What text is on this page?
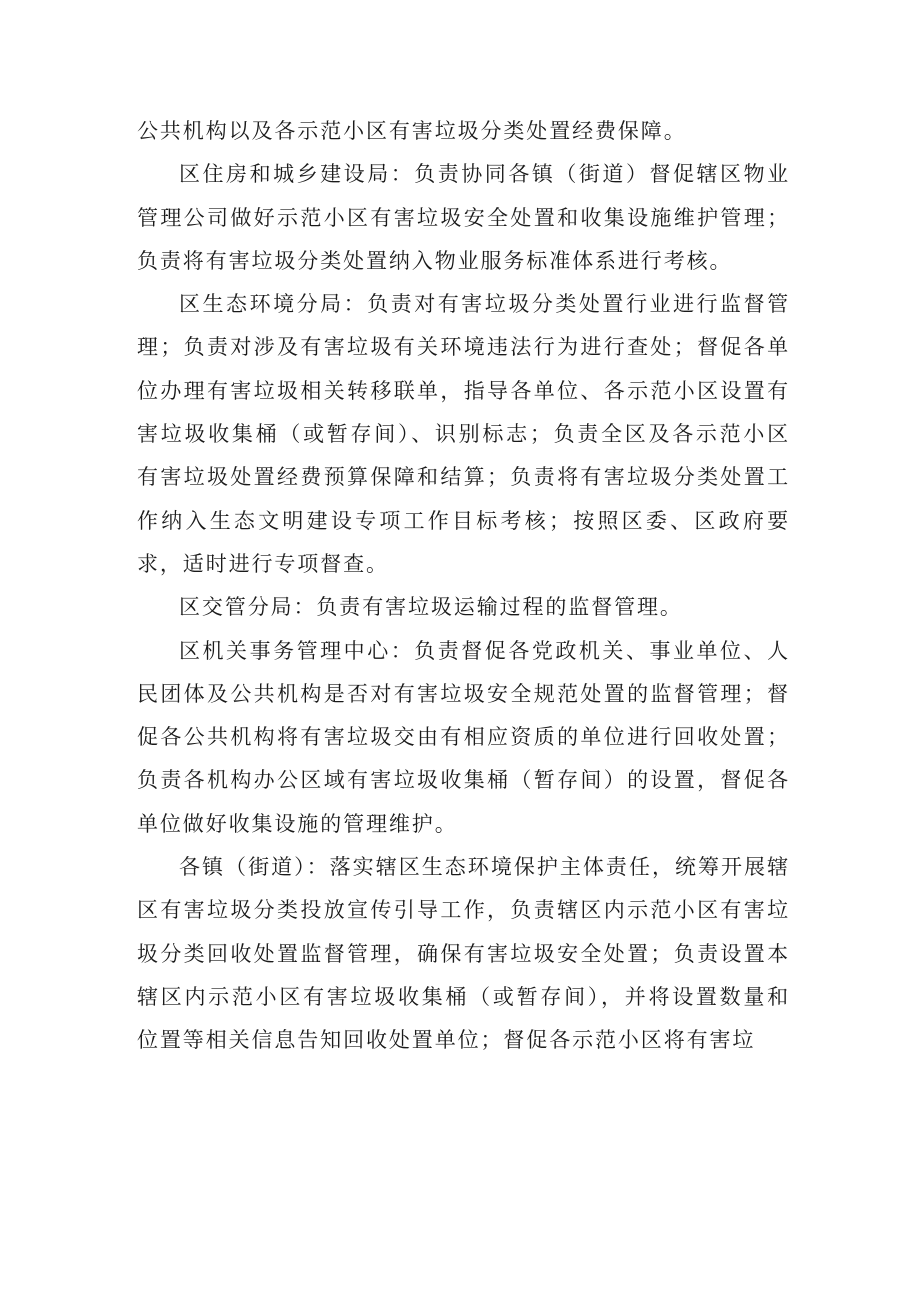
公共机构以及各示范小区有害垃圾分类处置经费保障。

区住房和城乡建设局：负责协同各镇（街道）督促辖区物业管理公司做好示范小区有害垃圾安全处置和收集设施维护管理；负责将有害垃圾分类处置纳入物业服务标准体系进行考核。

区生态环境分局：负责对有害垃圾分类处置行业进行监督管理；负责对涉及有害垃圾有关环境违法行为进行查处；督促各单位办理有害垃圾相关转移联单，指导各单位、各示范小区设置有害垃圾收集桶（或暂存间）、识别标志；负责全区及各示范小区有害垃圾处置经费预算保障和结算；负责将有害垃圾分类处置工作纳入生态文明建设专项工作目标考核；按照区委、区政府要求，适时进行专项督查。

区交管分局：负责有害垃圾运输过程的监督管理。

区机关事务管理中心：负责督促各党政机关、事业单位、人民团体及公共机构是否对有害垃圾安全规范处置的监督管理；督促各公共机构将有害垃圾交由有相应资质的单位进行回收处置；负责各机构办公区域有害垃圾收集桶（暂存间）的设置，督促各单位做好收集设施的管理维护。

各镇（街道）：落实辖区生态环境保护主体责任，统筹开展辖区有害垃圾分类投放宣传引导工作，负责辖区内示范小区有害垃圾分类回收处置监督管理，确保有害垃圾安全处置；负责设置本辖区内示范小区有害垃圾收集桶（或暂存间），并将设置数量和位置等相关信息告知回收处置单位；督促各示范小区将有害垃
